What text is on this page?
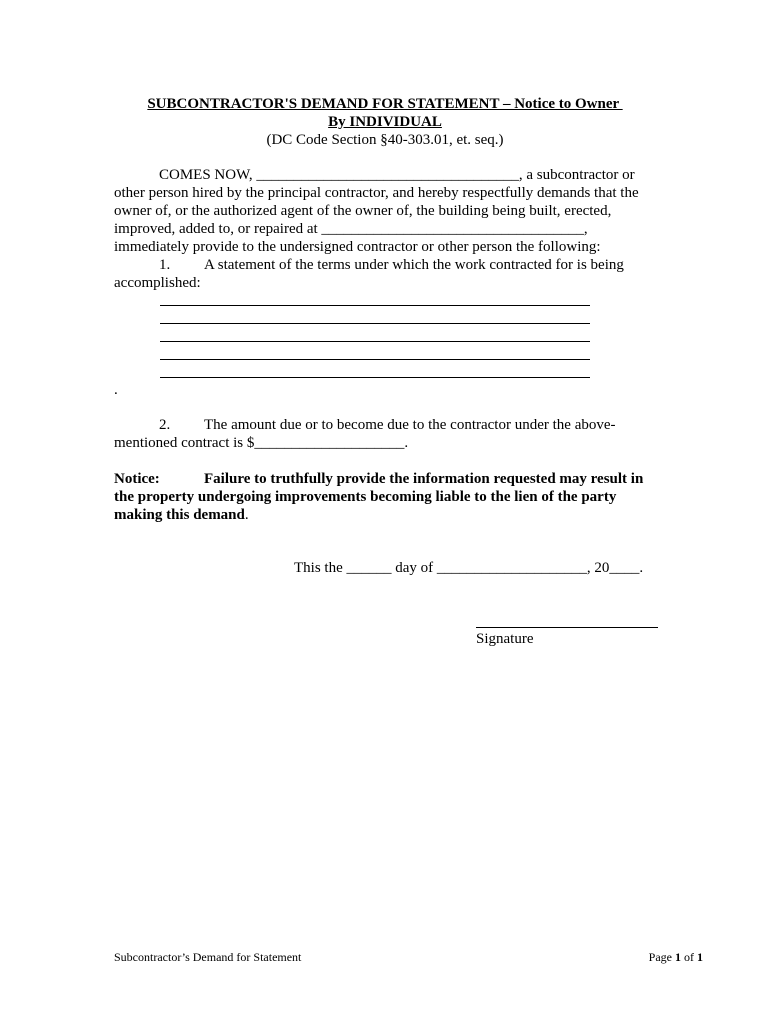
SUBCONTRACTOR'S DEMAND FOR STATEMENT – Notice to Owner
By INDIVIDUAL
(DC Code Section §40-303.01, et. seq.)
COMES NOW, ___________________________________, a subcontractor or
other person hired by the principal contractor, and hereby respectfully demands that the
owner of, or the authorized agent of the owner of, the building being built, erected,
improved, added to, or repaired at ___________________________________,
immediately provide to the undersigned contractor or other person the following:
1. A statement of the terms under which the work contracted for is being
accomplished:
.
2. The amount due or to become due to the contractor under the above-
mentioned contract is $____________________.
Notice:	Failure to truthfully provide the information requested may result in
the property undergoing improvements becoming liable to the lien of the party
making this demand.
This the ______ day of ____________________, 20____.
Signature
Subcontractor’s Demand for Statement	Page 1 of 1
